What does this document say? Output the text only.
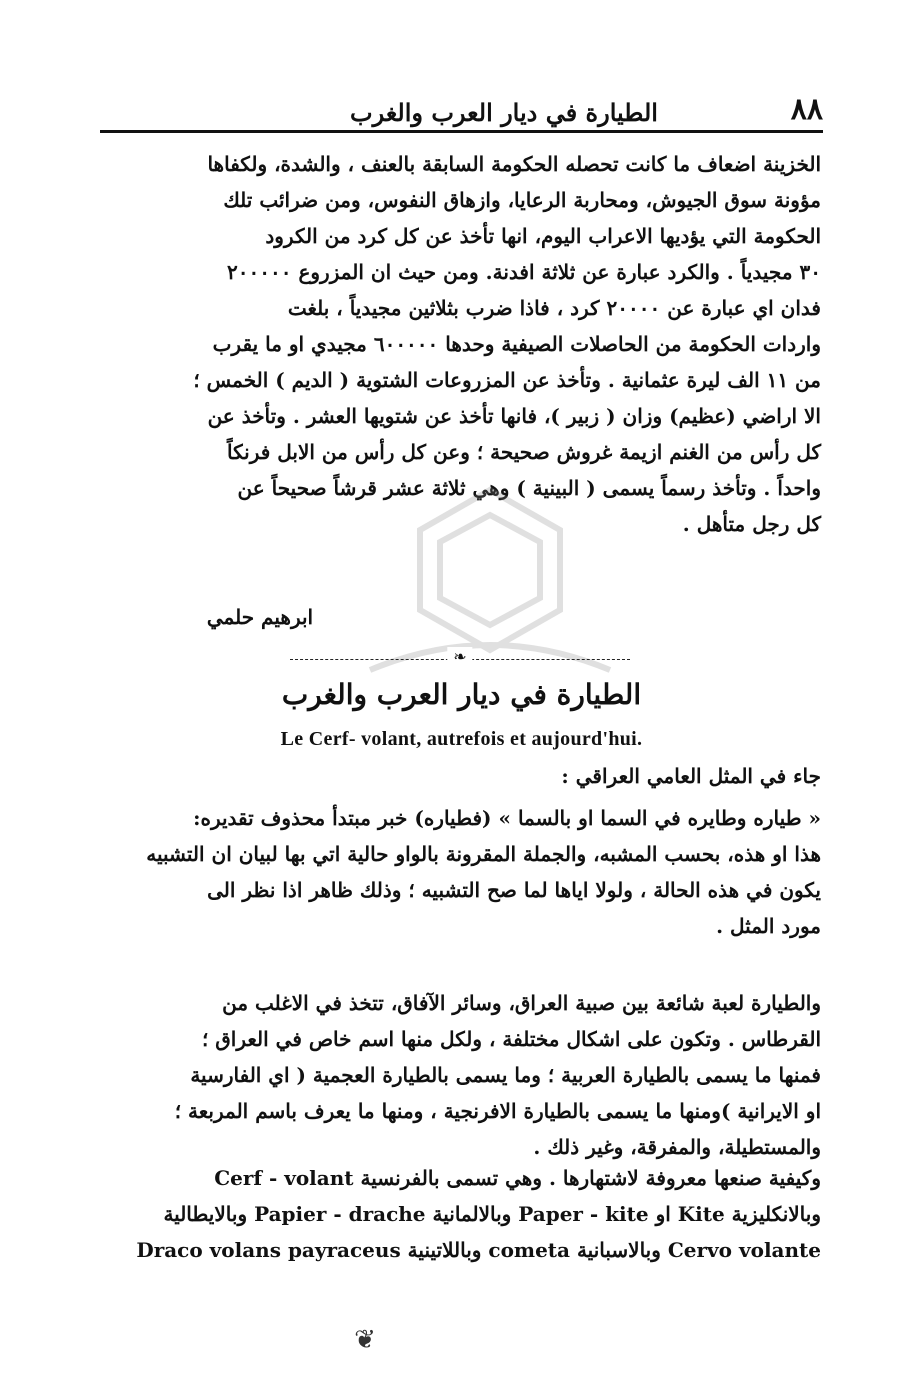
٨٨
الطيارة في ديار العرب والغرب

الخزينة اضعاف ما كانت تحصله الحكومة السابقة بالعنف ، والشدة، ولكفاها

مؤونة سوق الجيوش، ومحاربة الرعايا، وازهاق النفوس، ومن ضرائب تلك

الحكومة التي يؤديها الاعراب اليوم، انها تأخذ عن كل كرد من الكرود

٣٠ مجيدياً . والكرد عبارة عن ثلاثة افدنة. ومن حيث ان المزروع ٢٠٠٠٠٠

فدان اي عبارة عن ٢٠٠٠٠ كرد ، فاذا ضرب بثلاثين مجيدياً ، بلغت

واردات الحكومة من الحاصلات الصيفية وحدها ٦٠٠٠٠٠ مجيدي او ما يقرب

من ١١ الف ليرة عثمانية . وتأخذ عن المزروعات الشتوية ( الديم ) الخمس ؛

الا اراضي (عظيم) وزان ( زبير )، فانها تأخذ عن شتويها العشر . وتأخذ عن

كل رأس من الغنم ازيمة غروش صحيحة ؛ وعن كل رأس من الابل فرنكاً

واحداً . وتأخذ رسماً يسمى ( البينية ) وهي ثلاثة عشر قرشاً صحيحاً عن

كل رجل متأهل .

ابرهيم حلمي
❧
الطيارة في ديار العرب والغرب
Le Cerf- volant, autrefois et aujourd'hui.
جاء في المثل العامي العراقي :

« طياره وطايره في السما او بالسما » (فطياره) خبر مبتدأ محذوف تقديره:

هذا او هذه، بحسب المشبه، والجملة المقرونة بالواو حالية اتي بها لبيان ان التشبيه

يكون في هذه الحالة ، ولولا اياها لما صح التشبيه ؛ وذلك ظاهر اذا نظر الى

مورد المثل .

والطيارة لعبة شائعة بين صبية العراق، وسائر الآفاق، تتخذ في الاغلب من

القرطاس . وتكون على اشكال مختلفة ، ولكل منها اسم خاص في العراق ؛

فمنها ما يسمى بالطيارة العربية ؛ وما يسمى بالطيارة العجمية ( اي الفارسية

او الايرانية )ومنها ما يسمى بالطيارة الافرنجية ، ومنها ما يعرف باسم المربعة ؛

والمستطيلة، والمفرقة، وغير ذلك .

وكيفية صنعها معروفة لاشتهارها . وهي تسمى بالفرنسية Cerf - volant

وبالانكليزية Kite او Paper - kite وبالالمانية Papier - drache وبالايطالية

Cervo volante وبالاسبانية cometa وباللاتينية Draco volans payraceus

❦
